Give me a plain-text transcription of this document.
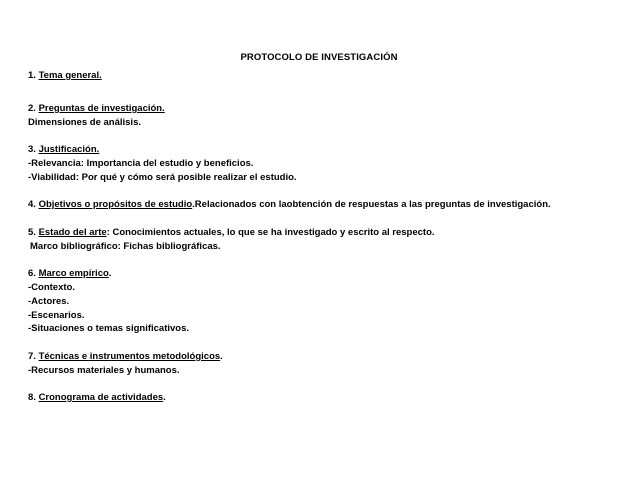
PROTOCOLO DE INVESTIGACIÓN
1. Tema general.
2. Preguntas de investigación.
Dimensiones de análisis.
3. Justificación.
-Relevancia: Importancia del estudio y beneficios.
-Viabilidad: Por qué y cómo será posible realizar el estudio.
4. Objetivos o propósitos de estudio.Relacionados con laobtención de respuestas a las preguntas de investigación.
5. Estado del arte: Conocimientos actuales, lo que se ha investigado y escrito al respecto.
Marco bibliográfico: Fichas bibliográficas.
6. Marco empírico.
-Contexto.
-Actores.
-Escenarios.
-Situaciones o temas significativos.
7. Técnicas e instrumentos metodológicos.
-Recursos materiales y humanos.
8. Cronograma de actividades.
